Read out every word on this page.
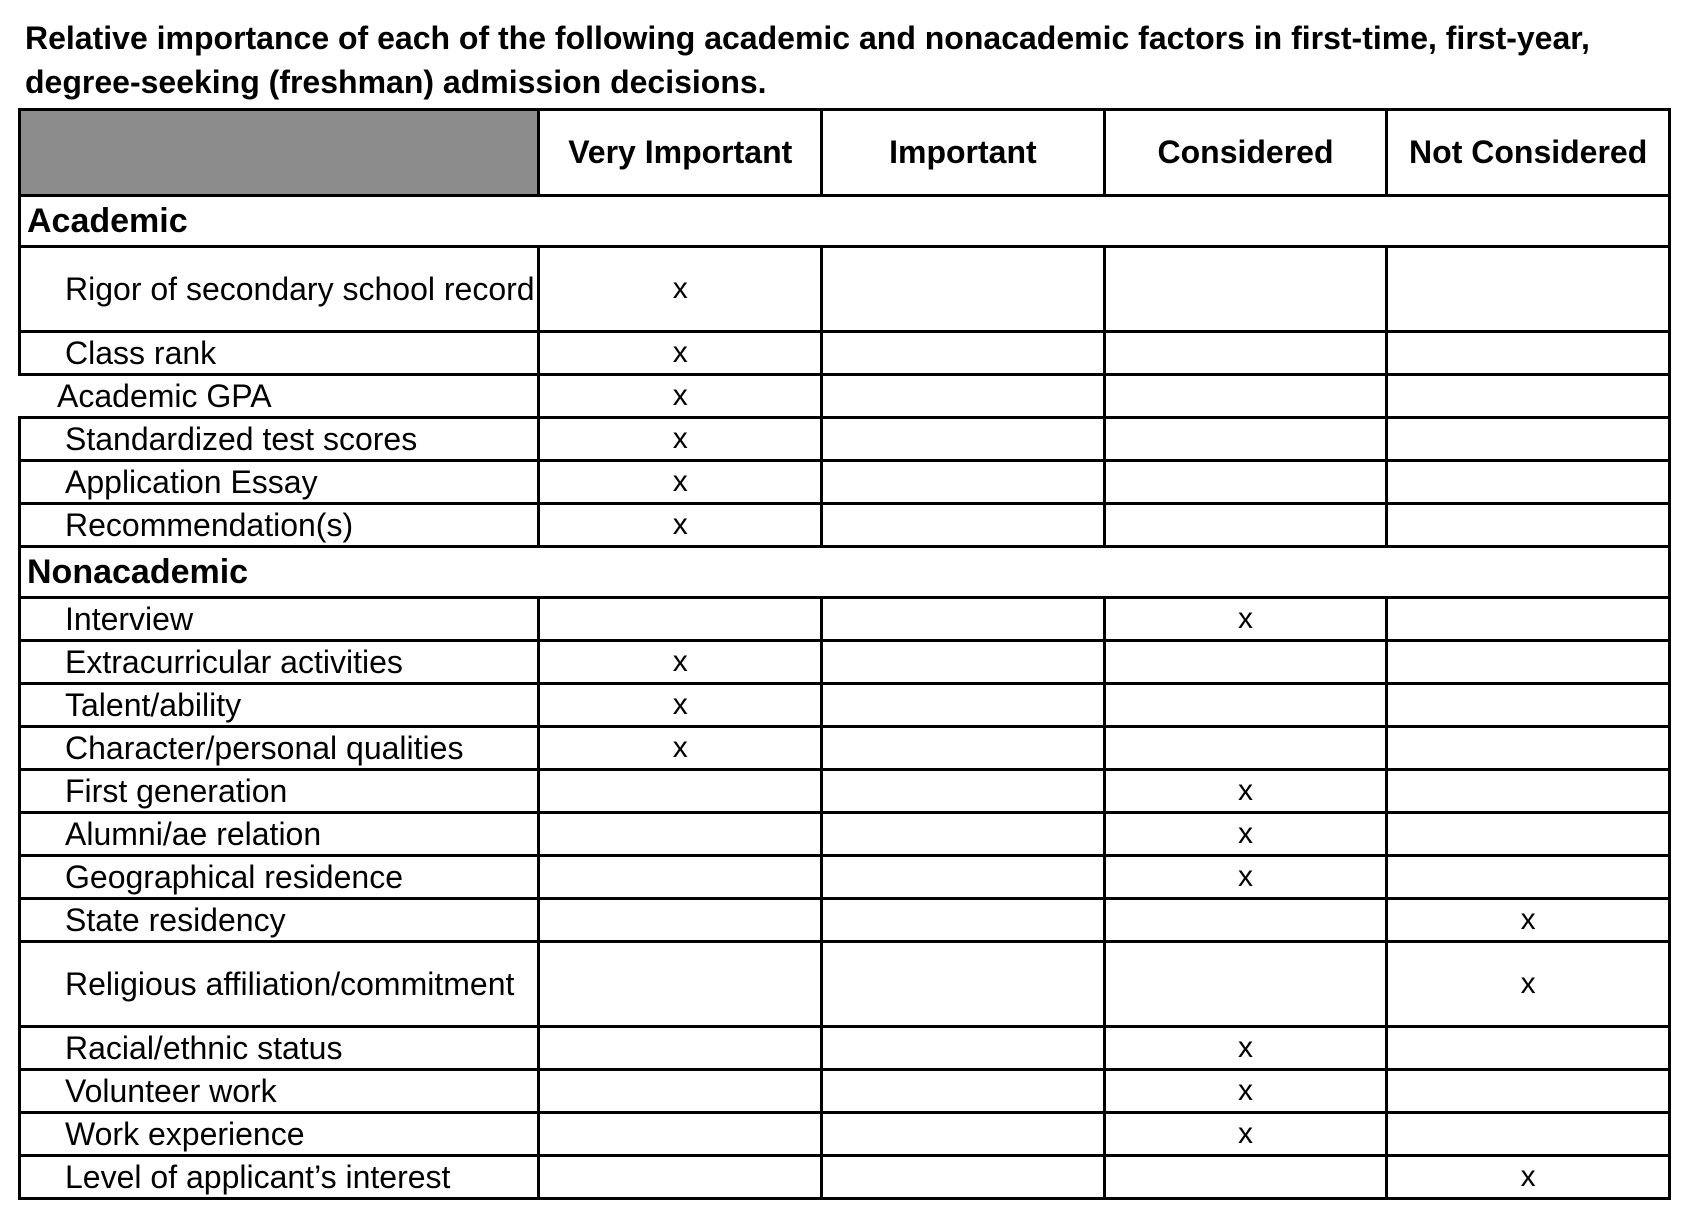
Relative importance of each of the following academic and nonacademic factors in first-time, first-year, degree-seeking (freshman) admission decisions.

	Very Important	Important	Considered	Not Considered
Academic				
Rigor of secondary school record	x			
Class rank	x			
Academic GPA	x			
Standardized test scores	x			
Application Essay	x			
Recommendation(s)	x			
Nonacademic				
Interview			x	
Extracurricular activities	x			
Talent/ability	x			
Character/personal qualities	x			
First generation			x	
Alumni/ae relation			x	
Geographical residence			x	
State residency				x
Religious affiliation/commitment				x
Racial/ethnic status			x	
Volunteer work			x	
Work experience			x	
Level of applicant’s interest				x
